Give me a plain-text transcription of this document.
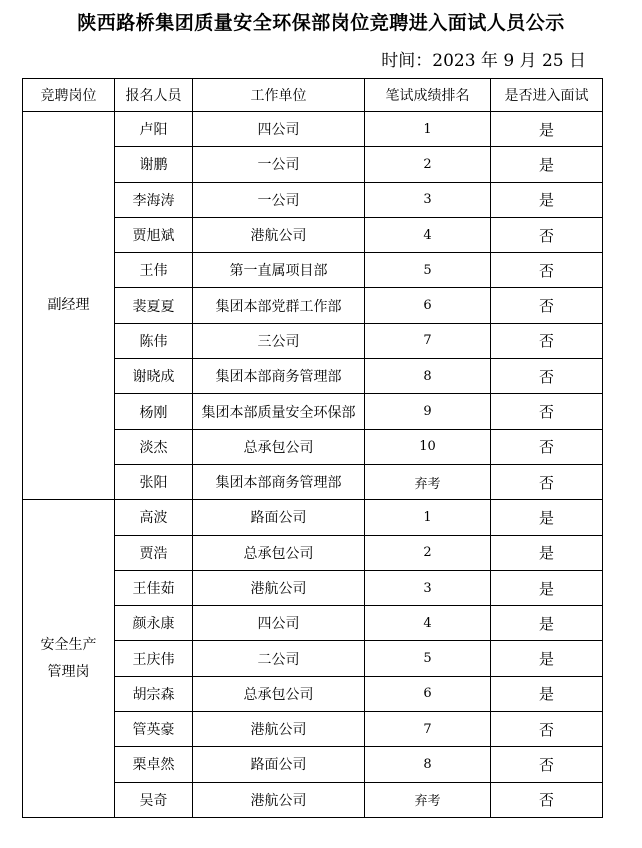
陕西路桥集团质量安全环保部岗位竞聘进入面试人员公示
时间：2023 年 9 月 25 日
竞聘岗位	报名人员	工作单位	笔试成绩排名	是否进入面试

副经理	卢阳	四公司	1	是
	谢鹏	一公司	2	是
	李海涛	一公司	3	是
	贾旭斌	港航公司	4	否
	王伟	第一直属项目部	5	否
	裴夏夏	集团本部党群工作部	6	否
	陈伟	三公司	7	否
	谢晓成	集团本部商务管理部	8	否
	杨刚	集团本部质量安全环保部	9	否
	淡杰	总承包公司	10	否
	张阳	集团本部商务管理部	弃考	否

安全生产
管理岗	高波	路面公司	1	是
	贾浩	总承包公司	2	是
	王佳茹	港航公司	3	是
	颜永康	四公司	4	是
	王庆伟	二公司	5	是
	胡宗森	总承包公司	6	是
	管英豪	港航公司	7	否
	栗卓然	路面公司	8	否
	吴奇	港航公司	弃考	否
